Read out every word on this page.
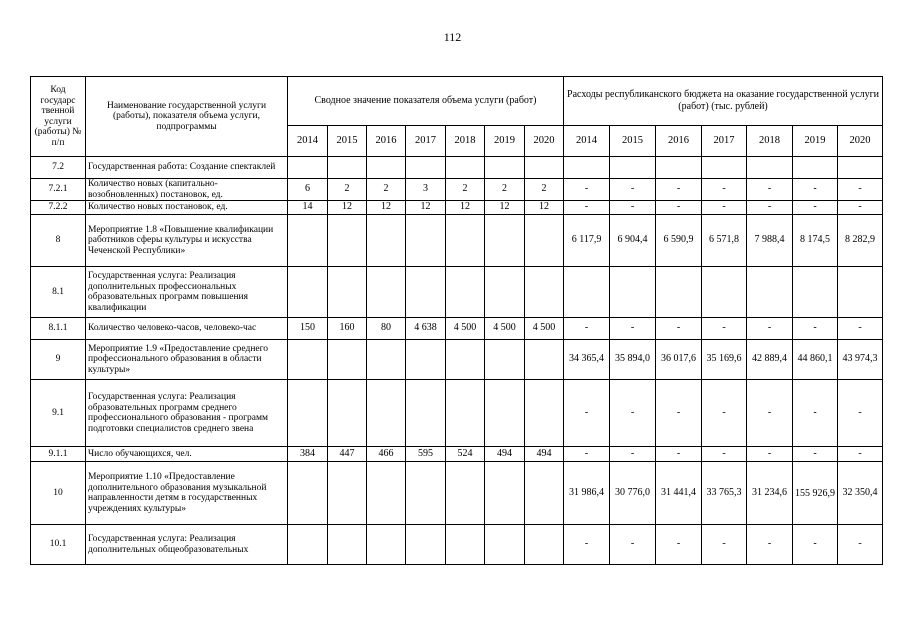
112
Код государс твенной услуги (работы) № п/п	Наименование государственной услуги (работы), показателя объема услуги, подпрограммы	Сводное значение показателя объема услуги (работ)							Расходы республиканского бюджета на оказание государственной услуги (работ) (тыс. рублей)						
		2014	2015	2016	2017	2018	2019	2020	2014	2015	2016	2017	2018	2019	2020
7.2	Государственная работа: Создание спектаклей														
7.2.1	Количество новых (капитально-возобновленных) постановок, ед.	6	2	2	3	2	2	2	-	-	-	-	-	-	-
7.2.2	Количество новых постановок, ед.	14	12	12	12	12	12	12	-	-	-	-	-	-	-
8	Мероприятие 1.8 «Повышение квалификации работников сферы культуры и искусства Чеченской Республики»								6 117,9	6 904,4	6 590,9	6 571,8	7 988,4	8 174,5	8 282,9
8.1	Государственная услуга: Реализация дополнительных профессиональных образовательных программ повышения квалификации														
8.1.1	Количество человеко-часов, человеко-час	150	160	80	4 638	4 500	4 500	4 500	-	-	-	-	-	-	-
9	Мероприятие 1.9 «Предоставление среднего профессионального образования в области культуры»								34 365,4	35 894,0	36 017,6	35 169,6	42 889,4	44 860,1	43 974,3
9.1	Государственная услуга: Реализация образовательных программ среднего профессионального образования - программ подготовки специалистов среднего звена								-	-	-	-	-	-	-
9.1.1	Число обучающихся, чел.	384	447	466	595	524	494	494	-	-	-	-	-	-	-
10	Мероприятие 1.10 «Предоставление дополнительного образования музыкальной направленности детям в государственных учреждениях культуры»								31 986,4	30 776,0	31 441,4	33 765,3	31 234,6	155 926,9	32 350,4
10.1	Государственная услуга: Реализация дополнительных общеобразовательных								-	-	-	-	-	-	-
